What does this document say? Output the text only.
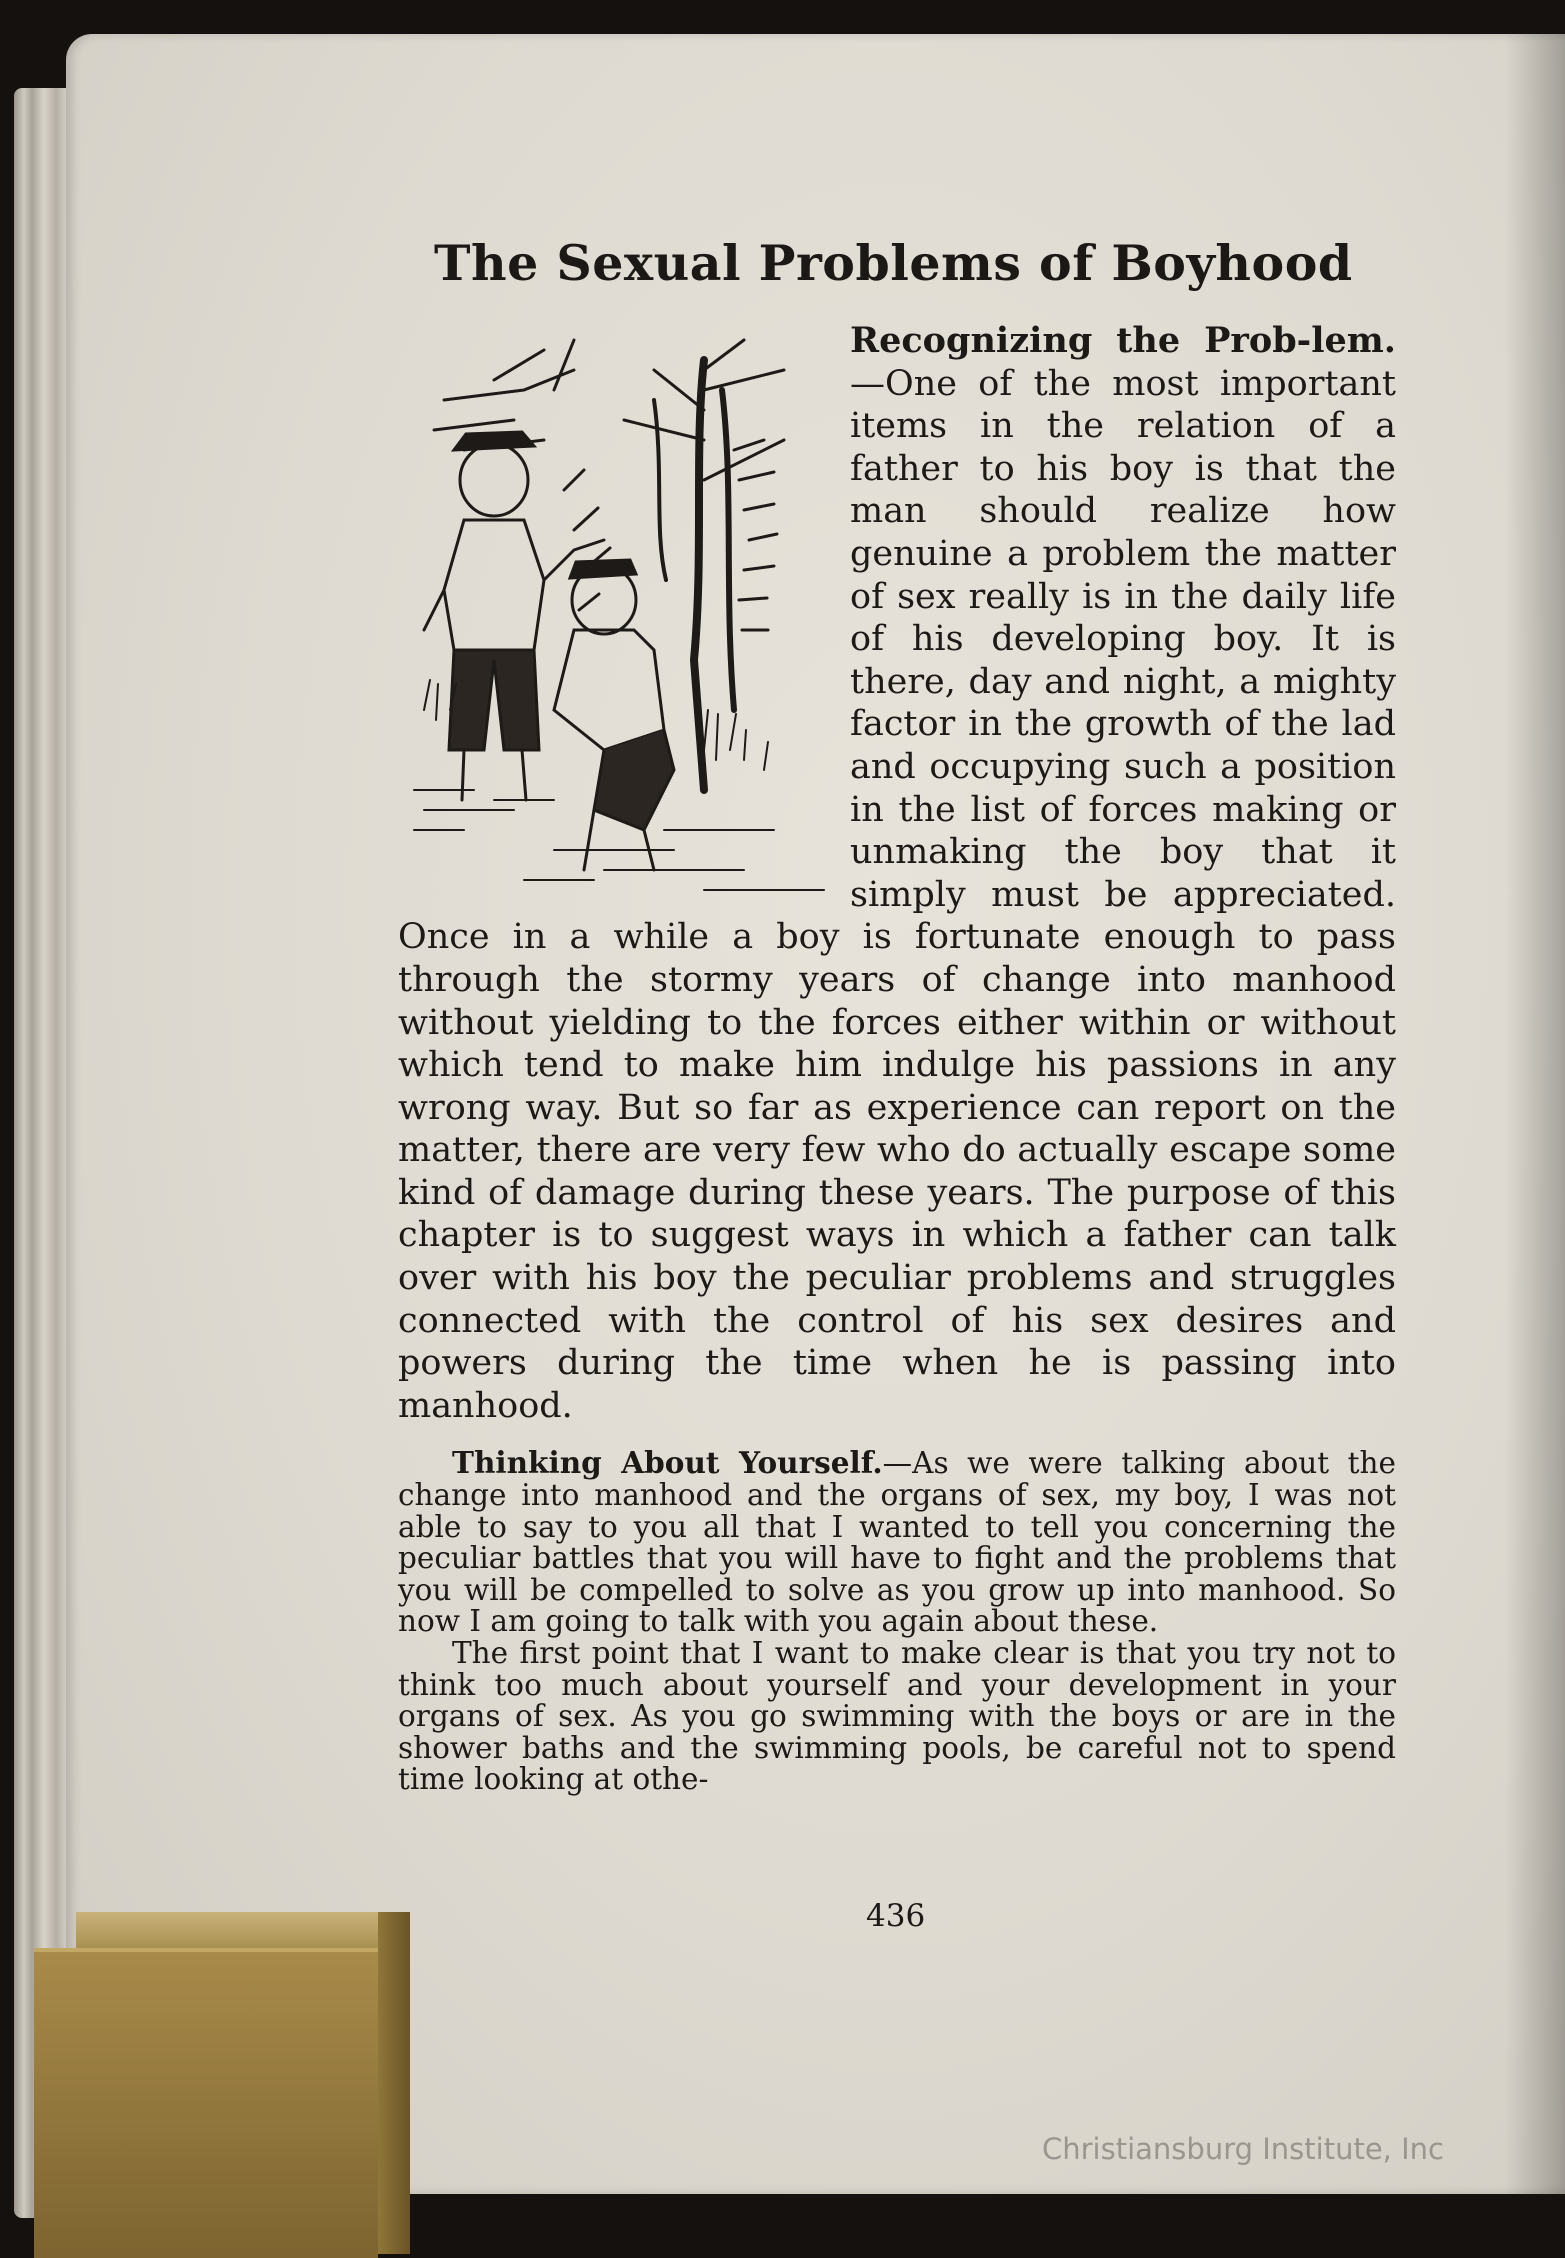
The Sexual Problems of Boyhood

Recognizing the Prob-lem.—One of the most important items in the relation of a father to his boy is that the man should realize how genuine a problem the matter of sex really is in the daily life of his developing boy. It is there, day and night, a mighty factor in the growth of the lad and occupying such a position in the list of forces making or unmaking the boy that it simply must be appreciated. Once in a while a boy is fortunate enough to pass through the stormy years of change into manhood without yielding to the forces either within or without which tend to make him indulge his passions in any wrong way. But so far as experience can report on the matter, there are very few who do actually escape some kind of damage during these years. The purpose of this chapter is to suggest ways in which a father can talk over with his boy the peculiar problems and struggles connected with the control of his sex desires and powers during the time when he is passing into manhood.

Thinking About Yourself.—As we were talking about the change into manhood and the organs of sex, my boy, I was not able to say to you all that I wanted to tell you concerning the peculiar battles that you will have to fight and the problems that you will be compelled to solve as you grow up into manhood. So now I am going to talk with you again about these.

The first point that I want to make clear is that you try not to think too much about yourself and your development in your organs of sex. As you go swimming with the boys or are in the shower baths and the swimming pools, be careful not to spend time looking at othe-

436
Christiansburg Institute, Inc
